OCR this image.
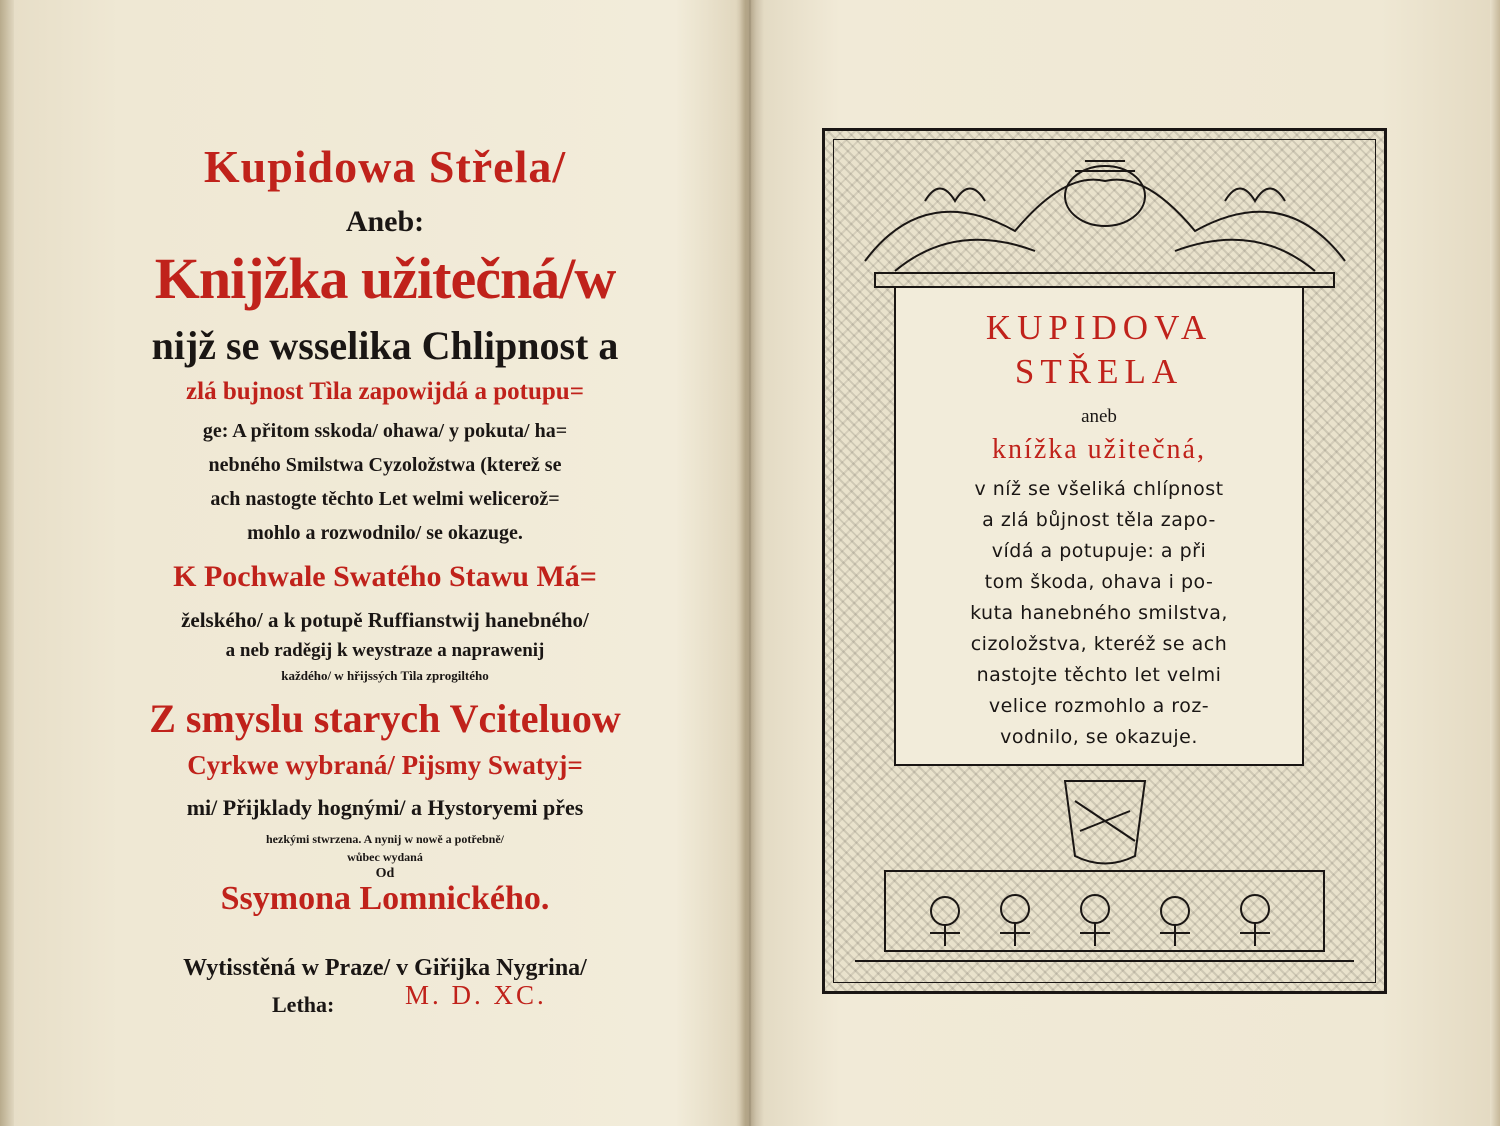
Kupidowa Střela/
Aneb:
Knijžka užitečná/w
nijž se wsselika Chlipnost a
zlá bujnost Tìla zapowijdá a potupu=
ge: A přitom sskoda/ ohawa/ y pokuta/ ha=
nebného Smilstwa Cyzoložstwa (kterež se
ach nastogte těchto Let welmi welicerož=
mohlo a rozwodnilo/ se okazuge.
K Pochwale Swatého Stawu Má=
želského/ a k potupě Ruffianstwij hanebného/
a neb raděgij k weystraze a naprawenij
každého/ w hřijssých Tìla zprogiltého
Z smyslu starych Vciteluow
Cyrkwe wybraná/ Pijsmy Swatyj=
mi/ Přijklady hognými/ a Hystoryemi přes
hezkými stwrzena. A nynij w nowě a potřebně/
wůbec wydaná
Od
Ssymona Lomnického.
Wytisstěná w Praze/ v Giřijka Nygrina/
Letha:	M. D. XC.
KUPIDOVA
STŘELA
aneb
knížka užitečná,
v níž se všeliká chlípnost
a zlá bůjnost těla zapo-
vídá a potupuje: a při
tom škoda, ohava i po-
kuta hanebného smilstva,
cizoložstva, kteréž se ach
nastojte těchto let velmi
velice rozmohlo a roz-
vodnilo, se okazuje.
